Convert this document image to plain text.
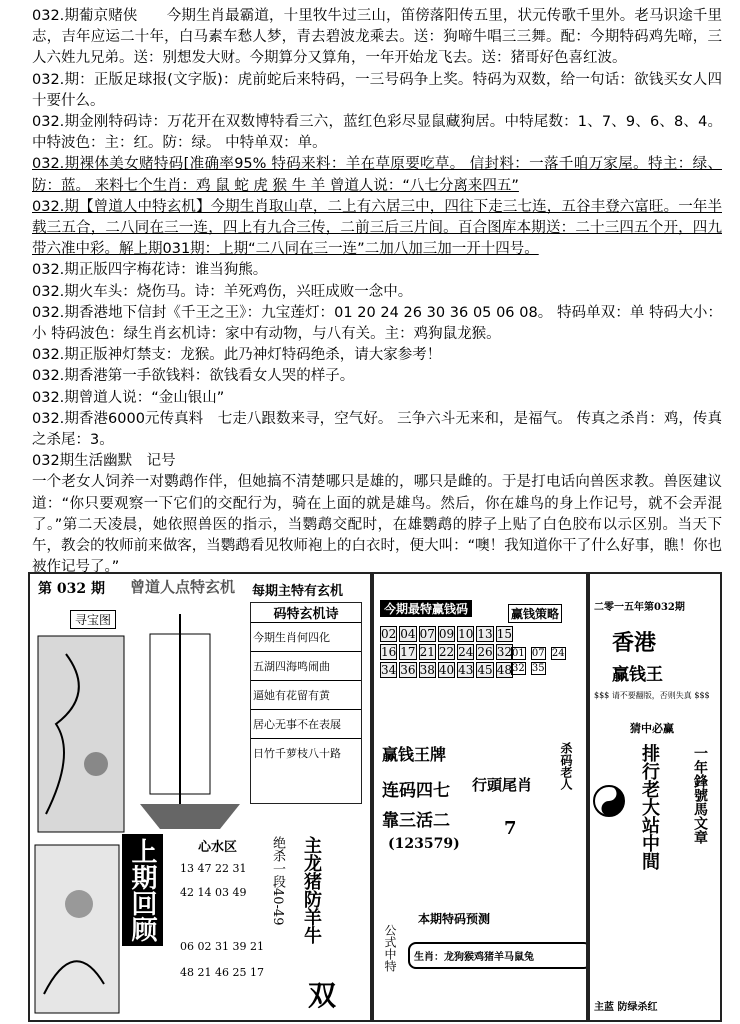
032.期葡京赌侠　　今期生肖最霸道，十里牧牛过三山，笛傍落阳传五里，状元传歌千里外。老马识途千里志，吉年应运二十年，白马素车愁人梦，青去碧波龙乘去。送：狗啼牛唱三三舞。配：今期特码鸡先啼，三人六姓九兄弟。送：别想发大财。今期算分又算角，一年开始龙飞去。送：猪哥好色喜红波。

032.期：正版足球报(文字版)：虎前蛇后来特码，一三号码争上奖。特码为双数，给一句话：欲钱买女人四十要什么。

032.期金刚特码诗：万花开在双数博特看三六，蓝红色彩尽显鼠藏狗居。中特尾数：1、7、9、6、8、4。 中特波色：主：红。防：绿。 中特单双：单。

032.期裸体美女赌特码[准确率95% 特码来料：羊在草原要吃草。 信封料：一落千咱万家屋。特主：绿、防：蓝。 来料七个生肖：鸡 鼠 蛇 虎 猴 牛 羊 曾道人说：“八七分离来四五”

032.期【曾道人中特玄机】今期生肖取山草，二上有六居三中，四往下走三七连，五谷丰登六富旺。一年半载三五合，二八同在三一连，四上有九合三传，二前三后三片间。百合图库本期送：二十三四五个开，四九带六准中彩。解上期031期：上期“二八同在三一连”二加八加三加一开十四号。

032.期正版四字梅花诗：谁当狗熊。

032.期火车头：烧伤马。诗：羊死鸡伤，兴旺成败一念中。

032.期香港地下信封《千王之王》：九宝莲灯：01 20 24 26 30 36 05 06 08。 特码单双：单 特码大小：小 特码波色：绿生肖玄机诗：家中有动物，与八有关。主：鸡狗鼠龙猴。

032.期正版神灯禁支：龙猴。此乃神灯特码绝杀，请大家参考！

032.期香港第一手欲钱料：欲钱看女人哭的样子。

032.期曾道人说：“金山银山”

032.期香港6000元传真料　七走八跟数来寻，空气好。 三争六斗无来和，是福气。 传真之杀肖：鸡，传真之杀尾：3。

032期生活幽默　记号

一个老女人饲养一对鹦鹉作伴，但她搞不清楚哪只是雄的，哪只是雌的。于是打电话向兽医求教。兽医建议道：“你只要观察一下它们的交配行为，骑在上面的就是雄鸟。然后，你在雄鸟的身上作记号，就不会弄混了。”第二天凌晨，她依照兽医的指示，当鹦鹉交配时，在雄鹦鹉的脖子上贴了白色胶布以示区别。当天下午，教会的牧师前来做客，当鹦鹉看见牧师袍上的白衣时，便大叫：“噢！我知道你干了什么好事，瞧！你也被作记号了。”

第 032 期 曾道人点特玄机 每期主特有玄机
寻宝图	码特玄机诗
今期生肖何四化
五湖四海鸣闹曲
逼她有花留有黄
居心无事不在表展
日竹千萝枝八十路
上期回顾	心水区
13 47 22 31
42 14 03 49
06 02 31 39 21
48 21 46 25 17
绝杀一段40-49 主龙猪防羊牛
双
今期最特赢钱码
02 04 07 09 10 13 15
16 17 21 22 24 26 32
34 36 38 40 43 45 48
赢钱策略
01 07 24 32 35
赢钱王牌
连码四七
靠三活二
(123579)
行頭尾肖
7
杀码老人
公式中特
本期特码预测
生肖：龙狗猴鸡猪羊马鼠兔
二零一五年第032期
香港
赢钱王
$$$ 请不要翻版，否则失真 $$$
猜中必赢
排行老大站中間 一年鋒號馬文章
主蓝 防绿杀红
